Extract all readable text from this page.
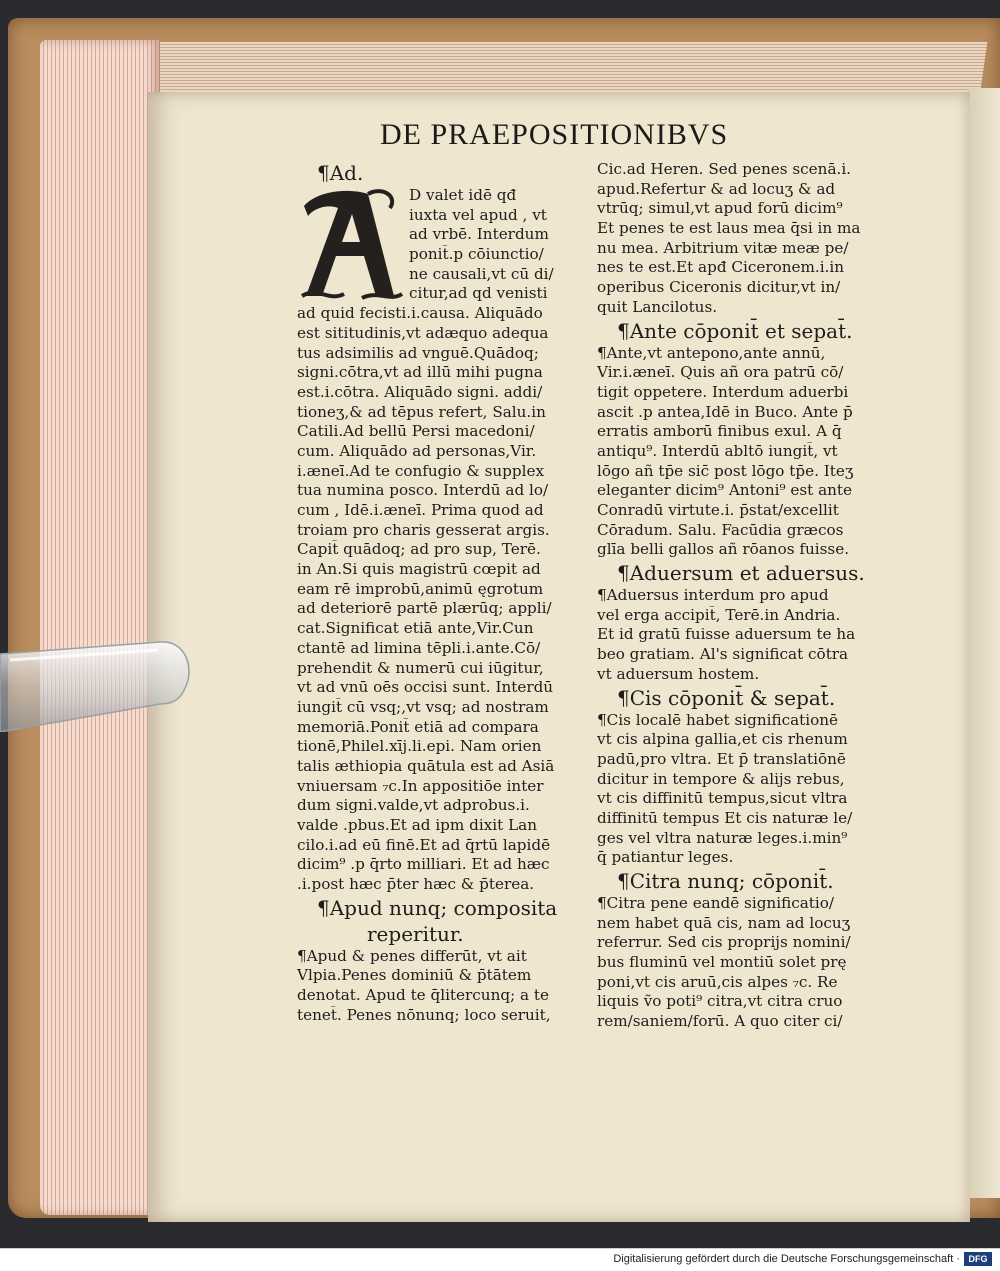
DE PRAEPOSITIONIBVS
¶Ad.
D valet idē qđ
iuxta vel apud , vt
ad vrbē. Interdum
ponit̄.p cōiunctio/
ne causali,vt cū di/
citur,ad qd venisti
ad quid fecisti.i.causa. Aliquādo
est sititudinis,vt adæquo adequa
tus adsimilis ad vnguē.Quādoq;
signi.cōtra,vt ad illū mihi pugna
est.i.cōtra. Aliquādo signi. addi/
tioneʒ,& ad tēpus refert, Salu.in
Catili.Ad bellū Persi macedoni/
cum. Aliquādo ad personas,Vir.
i.æneī.Ad te confugio & supplex
tua numina posco. Interdū ad lo/
cum , Idē.i.æneī. Prima quod ad
troiam pro charis gesserat argis.
Capit̄ quādoq; ad pro sup, Terē.
in An.Si quis magistrū cœpit ad
eam rē improbū,animū ęgrotum
ad deteriorē partē plærūq; appli/
cat.Significat etiā ante,Vir.Cun
ctantē ad limina tēpli.i.ante.Cō/
prehendit & numerū cui iūgitur,
vt ad vnū oēs occisi sunt. Interdū
iungit̄ cū vsq;,vt vsq; ad nostram
memoriā.Ponit̄ etiā ad compara
tionē,Philel.xīj.li.epi. Nam orien
talis æthiopia quātula est ad Asiā
vniuersam ₇c.In appositiōe inter
dum signi.valde,vt adprobus.i.
valde .pbus.Et ad ipm dixit Lan
cilo.i.ad eū finē.Et ad q̄rtū lapidē
dicim⁹ .p q̄rto milliari. Et ad hæc
.i.post hæc p̄ter hæc & p̄terea.
¶Apud nunq; composita
reperitur.
¶Apud & penes differūt, vt ait
Vlpia.Penes dominiū & p̄tātem
denotat. Apud te q̄litercunq; a te
tenet̄. Penes nōnunq; loco seruit,
Cic.ad Heren. Sed penes scenā.i.
apud.Refertur & ad locuʒ & ad
vtrūq; simul,vt apud forū dicim⁹
Et penes te est laus mea q̄si in ma
nu mea. Arbitrium vitæ meæ pe/
nes te est.Et apđ Ciceronem.i.in
operibus Ciceronis dicitur,vt in/
quit Lancilotus.
¶Ante cōponit̄ et sepat̄.
¶Ante,vt antepono,ante annū,
Vir.i.æneī. Quis añ ora patrū cō/
tigit oppetere. Interdum aduerbi
ascit .p antea,Idē in Buco. Ante p̄
erratis amborū finibus exul. A q̄
antiqu⁹. Interdū abltō iungit̄, vt
lōgo añ tp̄e sic̄ post lōgo tp̄e. Iteʒ
eleganter dicim⁹ Antoni⁹ est ante
Conradū virtute.i. p̄stat/excellit
Cōradum. Salu. Facūdia græcos
glīa belli gallos añ rōanos fuisse.
¶Aduersum et aduersus.
¶Aduersus interdum pro apud
vel erga accipit̄, Terē.in Andria.
Et id gratū fuisse aduersum te ha
beo gratiam. Al's significat cōtra
vt aduersum hostem.
¶Cis cōponit̄ & sepat̄.
¶Cis localē habet significationē
vt cis alpina gallia,et cis rhenum
padū,pro vltra. Et p̄ translatiōnē
dicitur in tempore & alijs rebus,
vt cis diffinitū tempus,sicut vltra
diffinitū tempus Et cis naturæ le/
ges vel vltra naturæ leges.i.min⁹
q̄ patiantur leges.
¶Citra nunq; cōponit̄.
¶Citra pene eandē significatio/
nem habet quā cis, nam ad locuʒ
referrur. Sed cis proprijs nomini/
bus fluminū vel montiū solet prę
poni,vt cis aruū,cis alpes ₇c. Re
liquis ṽo poti⁹ citra,vt citra cruo
rem/saniem/forū. A quo citer ci/
Digitalisierung gefördert durch die Deutsche Forschungsgemeinschaft · DFG
